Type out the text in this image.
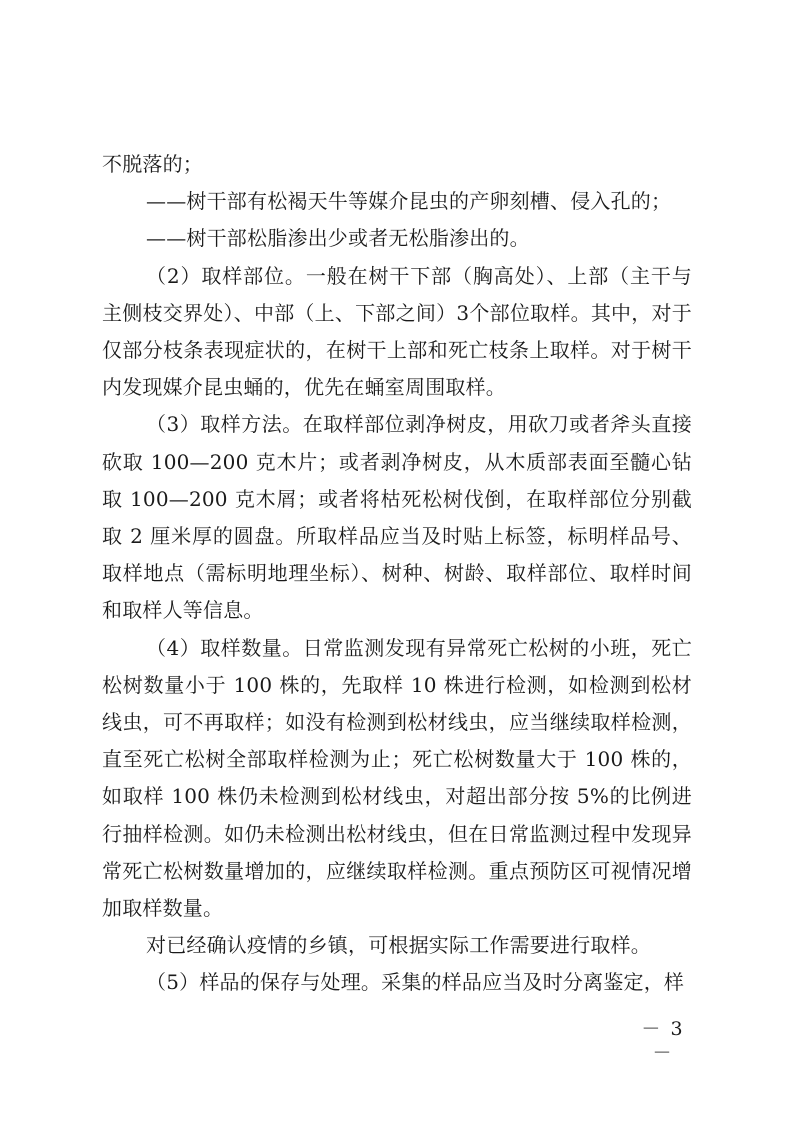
不脱落的；

——树干部有松褐天牛等媒介昆虫的产卵刻槽、侵入孔的；

——树干部松脂渗出少或者无松脂渗出的。

（2）取样部位。一般在树干下部（胸高处）、上部（主干与主侧枝交界处）、中部（上、下部之间）3个部位取样。其中，对于仅部分枝条表现症状的，在树干上部和死亡枝条上取样。对于树干内发现媒介昆虫蛹的，优先在蛹室周围取样。

（3）取样方法。在取样部位剥净树皮，用砍刀或者斧头直接砍取 100—200 克木片；或者剥净树皮，从木质部表面至髓心钻取 100—200 克木屑；或者将枯死松树伐倒，在取样部位分别截取 2 厘米厚的圆盘。所取样品应当及时贴上标签，标明样品号、取样地点（需标明地理坐标）、树种、树龄、取样部位、取样时间和取样人等信息。

（4）取样数量。日常监测发现有异常死亡松树的小班，死亡松树数量小于 100 株的，先取样 10 株进行检测，如检测到松材线虫，可不再取样；如没有检测到松材线虫，应当继续取样检测，直至死亡松树全部取样检测为止；死亡松树数量大于 100 株的，如取样 100 株仍未检测到松材线虫，对超出部分按 5%的比例进行抽样检测。如仍未检测出松材线虫，但在日常监测过程中发现异常死亡松树数量增加的，应继续取样检测。重点预防区可视情况增加取样数量。

对已经确认疫情的乡镇，可根据实际工作需要进行取样。

（5）样品的保存与处理。采集的样品应当及时分离鉴定，样

－ 3 －
